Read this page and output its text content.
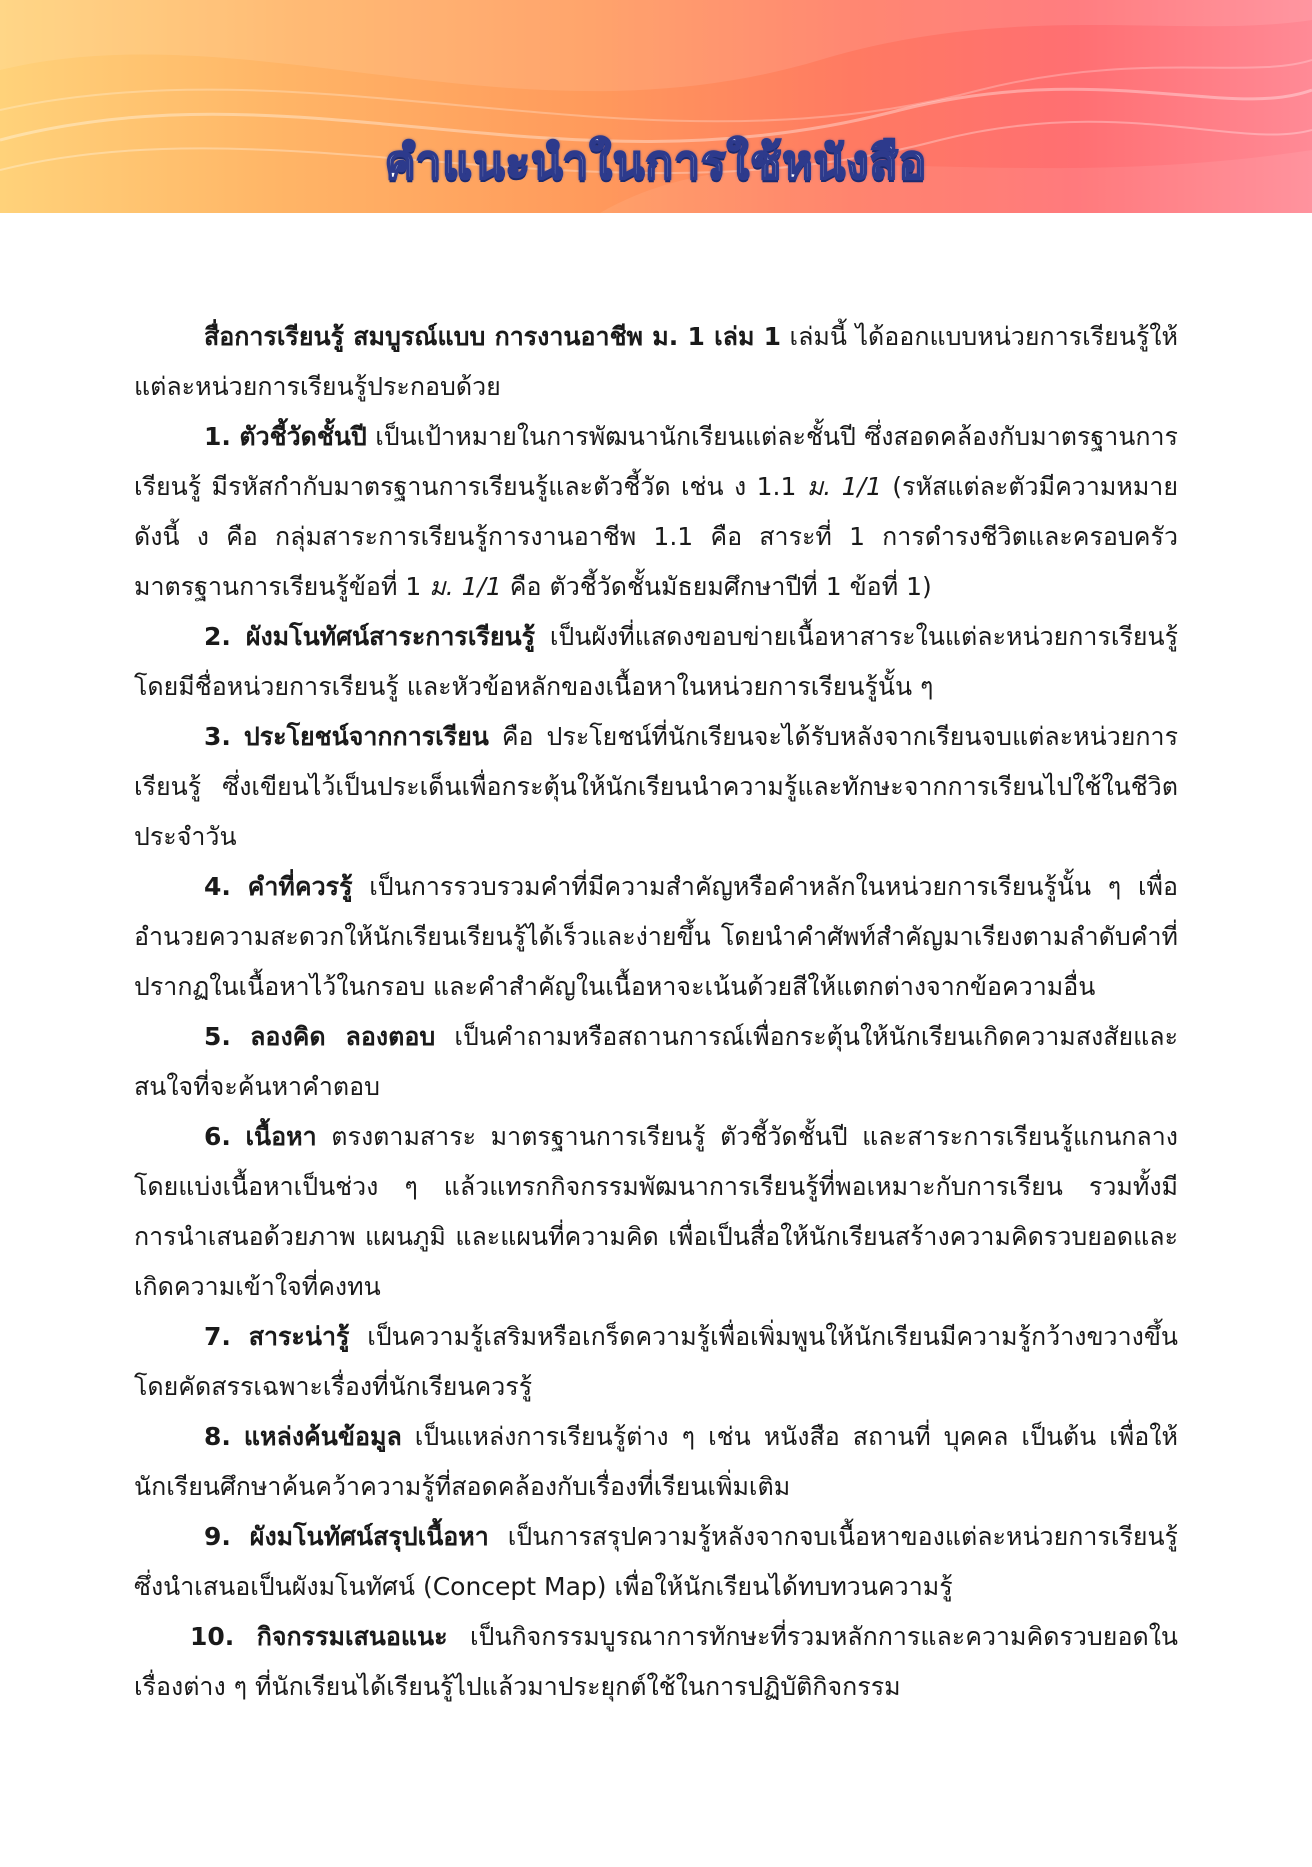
คำแนะนำในการใช้หนังสือ

สื่อการเรียนรู้ สมบูรณ์แบบ การงานอาชีพ ม. 1 เล่ม 1 เล่มนี้ ได้ออกแบบหน่วยการเรียนรู้ให้แต่ละหน่วยการเรียนรู้ประกอบด้วย

1. ตัวชี้วัดชั้นปี เป็นเป้าหมายในการพัฒนานักเรียนแต่ละชั้นปี ซึ่งสอดคล้องกับมาตรฐานการเรียนรู้ มีรหัสกำกับมาตรฐานการเรียนรู้และตัวชี้วัด เช่น ง 1.1 ม. 1/1 (รหัสแต่ละตัวมีความหมายดังนี้ ง คือ กลุ่มสาระการเรียนรู้การงานอาชีพ 1.1 คือ สาระที่ 1 การดำรงชีวิตและครอบครัว มาตรฐานการเรียนรู้ข้อที่ 1 ม. 1/1 คือ ตัวชี้วัดชั้นมัธยมศึกษาปีที่ 1 ข้อที่ 1)

2. ผังมโนทัศน์สาระการเรียนรู้ เป็นผังที่แสดงขอบข่ายเนื้อหาสาระในแต่ละหน่วยการเรียนรู้ โดยมีชื่อหน่วยการเรียนรู้ และหัวข้อหลักของเนื้อหาในหน่วยการเรียนรู้นั้น ๆ

3. ประโยชน์จากการเรียน คือ ประโยชน์ที่นักเรียนจะได้รับหลังจากเรียนจบแต่ละหน่วยการเรียนรู้ ซึ่งเขียนไว้เป็นประเด็นเพื่อกระตุ้นให้นักเรียนนำความรู้และทักษะจากการเรียนไปใช้ในชีวิตประจำวัน

4. คำที่ควรรู้ เป็นการรวบรวมคำที่มีความสำคัญหรือคำหลักในหน่วยการเรียนรู้นั้น ๆ เพื่ออำนวยความสะดวกให้นักเรียนเรียนรู้ได้เร็วและง่ายขึ้น โดยนำคำศัพท์สำคัญมาเรียงตามลำดับคำที่ปรากฏในเนื้อหาไว้ในกรอบ และคำสำคัญในเนื้อหาจะเน้นด้วยสีให้แตกต่างจากข้อความอื่น

5. ลองคิด ลองตอบ เป็นคำถามหรือสถานการณ์เพื่อกระตุ้นให้นักเรียนเกิดความสงสัยและสนใจที่จะค้นหาคำตอบ

6. เนื้อหา ตรงตามสาระ มาตรฐานการเรียนรู้ ตัวชี้วัดชั้นปี และสาระการเรียนรู้แกนกลางโดยแบ่งเนื้อหาเป็นช่วง ๆ แล้วแทรกกิจกรรมพัฒนาการเรียนรู้ที่พอเหมาะกับการเรียน รวมทั้งมีการนำเสนอด้วยภาพ แผนภูมิ และแผนที่ความคิด เพื่อเป็นสื่อให้นักเรียนสร้างความคิดรวบยอดและเกิดความเข้าใจที่คงทน

7. สาระน่ารู้ เป็นความรู้เสริมหรือเกร็ดความรู้เพื่อเพิ่มพูนให้นักเรียนมีความรู้กว้างขวางขึ้นโดยคัดสรรเฉพาะเรื่องที่นักเรียนควรรู้

8. แหล่งค้นข้อมูล เป็นแหล่งการเรียนรู้ต่าง ๆ เช่น หนังสือ สถานที่ บุคคล เป็นต้น เพื่อให้นักเรียนศึกษาค้นคว้าความรู้ที่สอดคล้องกับเรื่องที่เรียนเพิ่มเติม

9. ผังมโนทัศน์สรุปเนื้อหา เป็นการสรุปความรู้หลังจากจบเนื้อหาของแต่ละหน่วยการเรียนรู้ ซึ่งนำเสนอเป็นผังมโนทัศน์ (Concept Map) เพื่อให้นักเรียนได้ทบทวนความรู้

10. กิจกรรมเสนอแนะ เป็นกิจกรรมบูรณาการทักษะที่รวมหลักการและความคิดรวบยอดในเรื่องต่าง ๆ ที่นักเรียนได้เรียนรู้ไปแล้วมาประยุกต์ใช้ในการปฏิบัติกิจกรรม
